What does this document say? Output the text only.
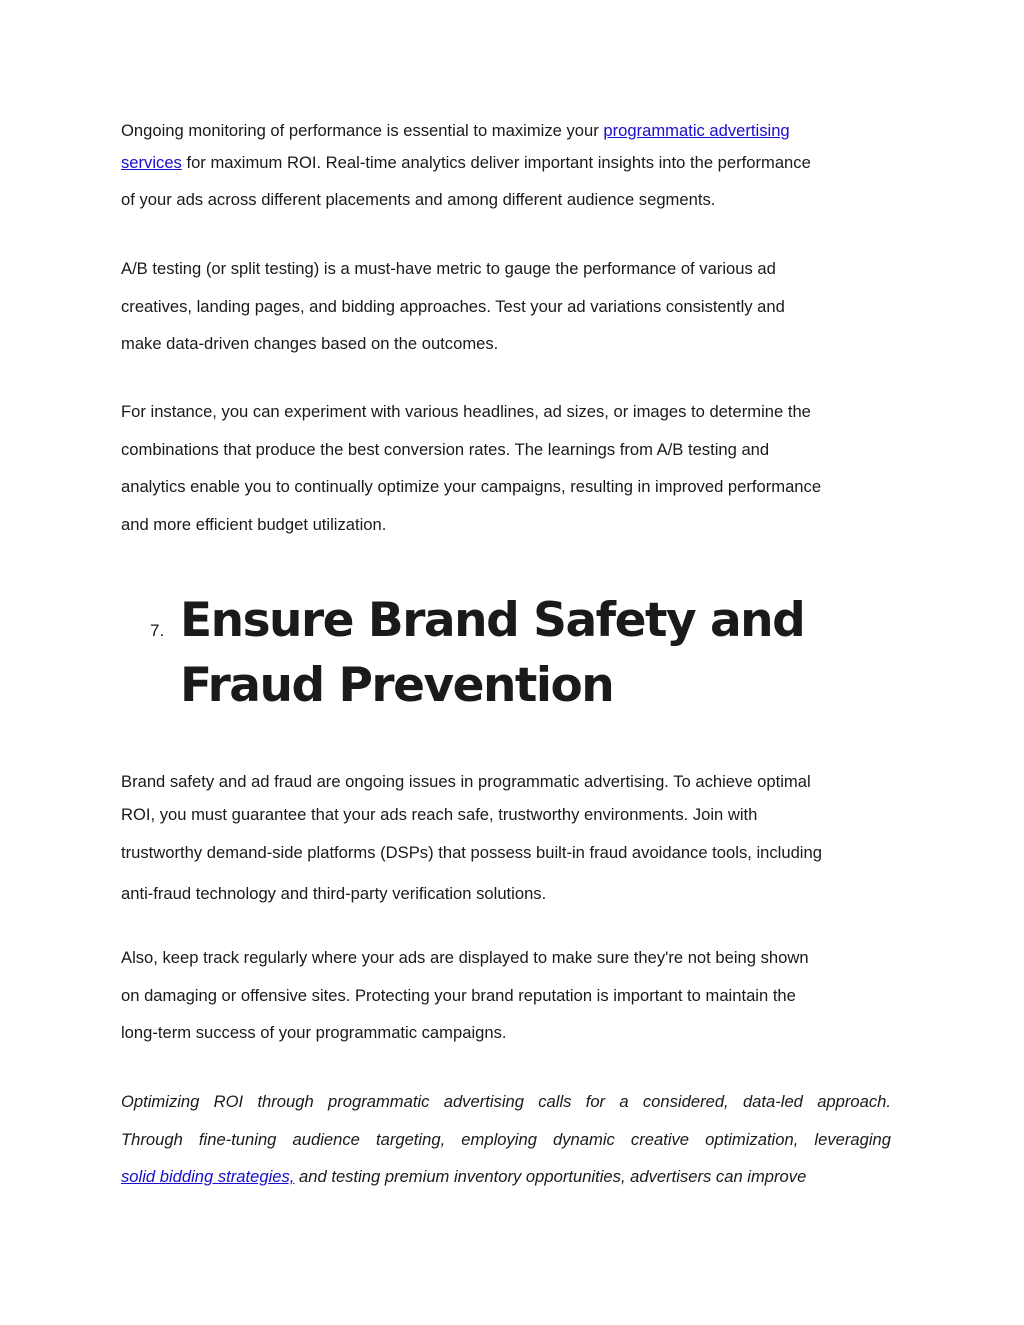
Ongoing monitoring of performance is essential to maximize your programmatic advertising
services for maximum ROI. Real-time analytics deliver important insights into the performance
of your ads across different placements and among different audience segments.

A/B testing (or split testing) is a must-have metric to gauge the performance of various ad
creatives, landing pages, and bidding approaches. Test your ad variations consistently and
make data-driven changes based on the outcomes.

For instance, you can experiment with various headlines, ad sizes, or images to determine the
combinations that produce the best conversion rates. The learnings from A/B testing and
analytics enable you to continually optimize your campaigns, resulting in improved performance
and more efficient budget utilization.

7. Ensure Brand Safety and
Fraud Prevention

Brand safety and ad fraud are ongoing issues in programmatic advertising. To achieve optimal
ROI, you must guarantee that your ads reach safe, trustworthy environments. Join with
trustworthy demand-side platforms (DSPs) that possess built-in fraud avoidance tools, including
anti-fraud technology and third-party verification solutions.

Also, keep track regularly where your ads are displayed to make sure they're not being shown
on damaging or offensive sites. Protecting your brand reputation is important to maintain the
long-term success of your programmatic campaigns.

Optimizing ROI through programmatic advertising calls for a considered, data-led approach.
Through fine-tuning audience targeting, employing dynamic creative optimization, leveraging
solid bidding strategies, and testing premium inventory opportunities, advertisers can improve
